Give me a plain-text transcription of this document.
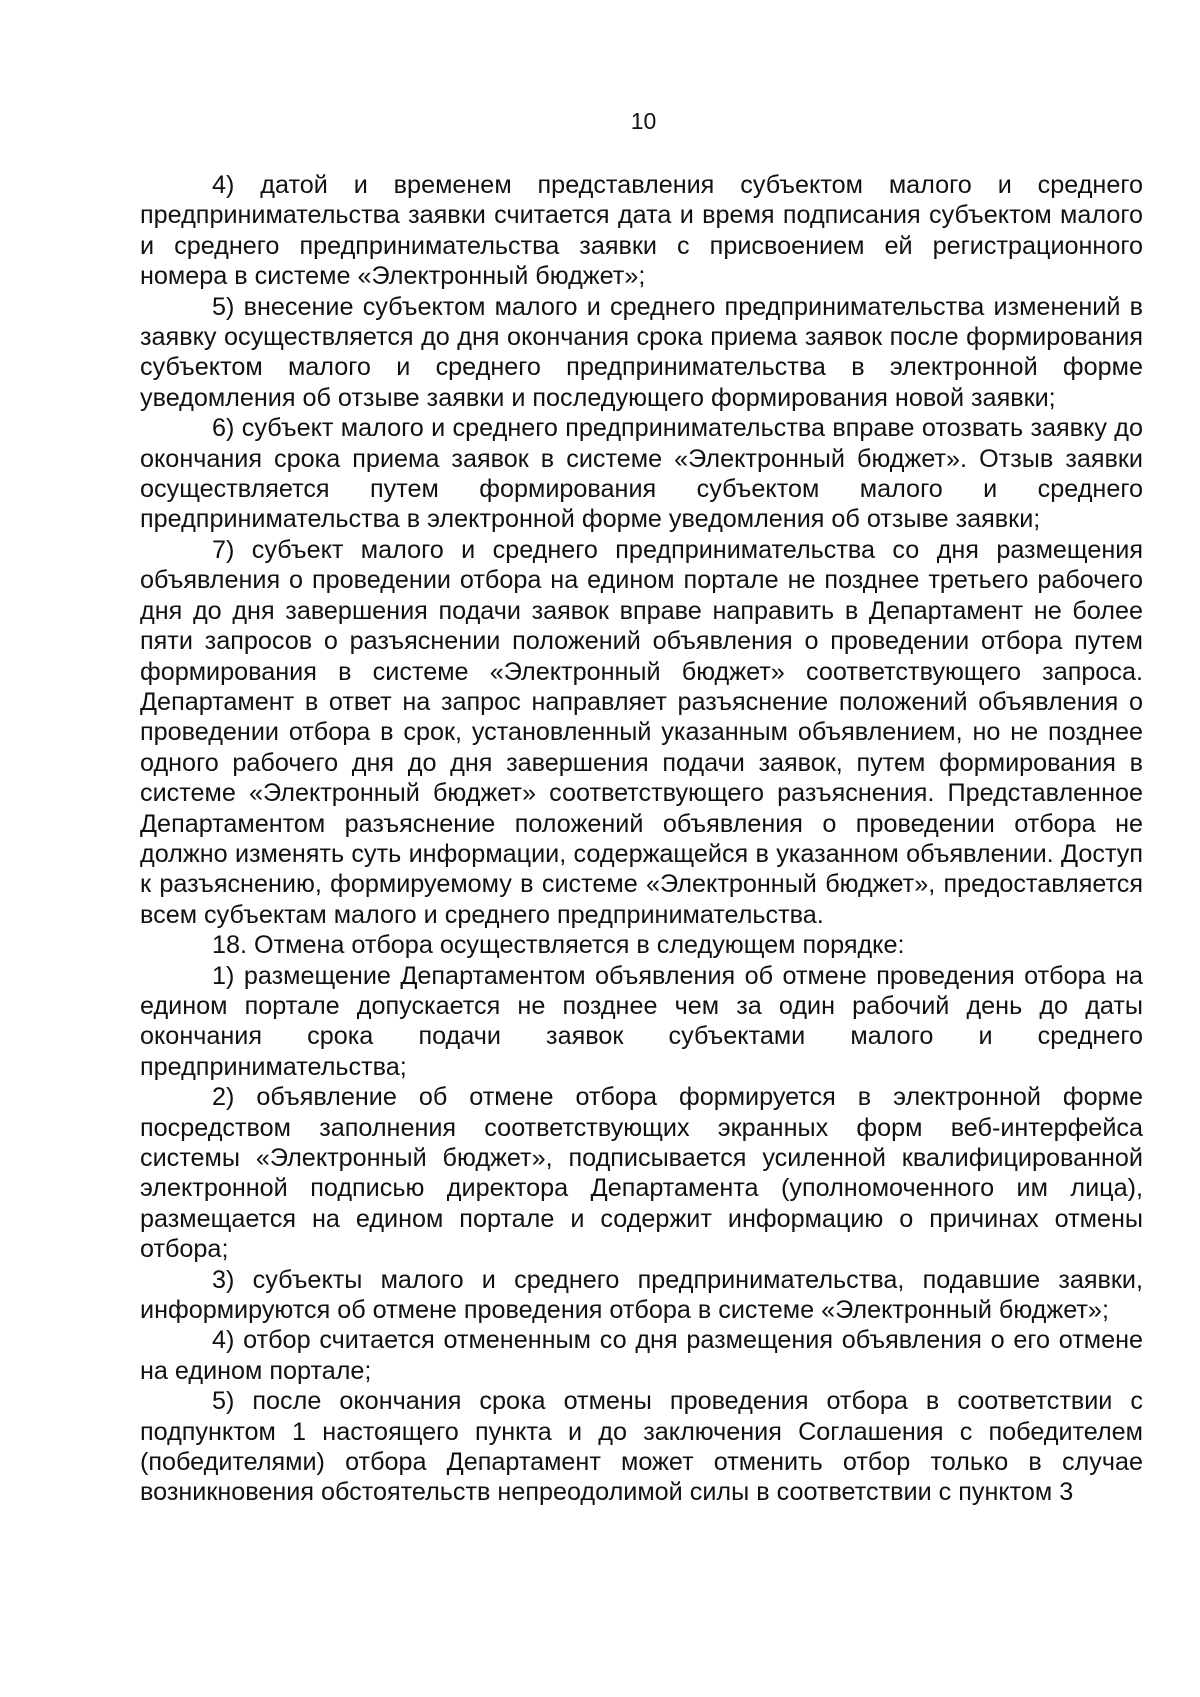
10

4) датой и временем представления субъектом малого и среднего предпринимательства заявки считается дата и время подписания субъектом малого и среднего предпринимательства заявки с присвоением ей регистрационного номера в системе «Электронный бюджет»;

5) внесение субъектом малого и среднего предпринимательства изменений в заявку осуществляется до дня окончания срока приема заявок после формирования субъектом малого и среднего предпринимательства в электронной форме уведомления об отзыве заявки и последующего формирования новой заявки;

6) субъект малого и среднего предпринимательства вправе отозвать заявку до окончания срока приема заявок в системе «Электронный бюджет». Отзыв заявки осуществляется путем формирования субъектом малого и среднего предпринимательства в электронной форме уведомления об отзыве заявки;

7) субъект малого и среднего предпринимательства со дня размещения объявления о проведении отбора на едином портале не позднее третьего рабочего дня до дня завершения подачи заявок вправе направить в Департамент не более пяти запросов о разъяснении положений объявления о проведении отбора путем формирования в системе «Электронный бюджет» соответствующего запроса. Департамент в ответ на запрос направляет разъяснение положений объявления о проведении отбора в срок, установленный указанным объявлением, но не позднее одного рабочего дня до дня завершения подачи заявок, путем формирования в системе «Электронный бюджет» соответствующего разъяснения. Представленное Департаментом разъяснение положений объявления о проведении отбора не должно изменять суть информации, содержащейся в указанном объявлении. Доступ к разъяснению, формируемому в системе «Электронный бюджет», предоставляется всем субъектам малого и среднего предпринимательства.

18. Отмена отбора осуществляется в следующем порядке:

1) размещение Департаментом объявления об отмене проведения отбора на едином портале допускается не позднее чем за один рабочий день до даты окончания срока подачи заявок субъектами малого и среднего предпринимательства;

2) объявление об отмене отбора формируется в электронной форме посредством заполнения соответствующих экранных форм веб-интерфейса системы «Электронный бюджет», подписывается усиленной квалифицированной электронной подписью директора Департамента (уполномоченного им лица), размещается на едином портале и содержит информацию о причинах отмены отбора;

3) субъекты малого и среднего предпринимательства, подавшие заявки, информируются об отмене проведения отбора в системе «Электронный бюджет»;

4) отбор считается отмененным со дня размещения объявления о его отмене на едином портале;

5) после окончания срока отмены проведения отбора в соответствии с подпунктом 1 настоящего пункта и до заключения Соглашения с победителем (победителями) отбора Департамент может отменить отбор только в случае возникновения обстоятельств непреодолимой силы в соответствии с пунктом 3
